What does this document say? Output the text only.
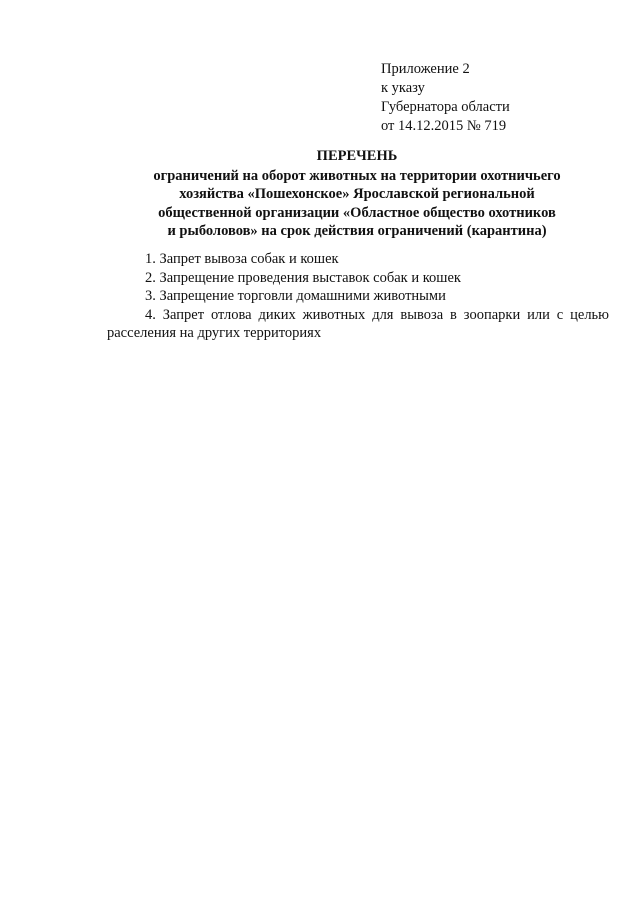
Приложение 2
к указу
Губернатора области
от 14.12.2015 № 719
ПЕРЕЧЕНЬ
ограничений на оборот животных на территории охотничьего
хозяйства «Пошехонское» Ярославской региональной
общественной организации «Областное общество охотников
и рыболовов» на срок действия ограничений (карантина)
1. Запрет вывоза собак и кошек
2. Запрещение проведения выставок собак и кошек
3. Запрещение торговли домашними животными
4. Запрет отлова диких животных для вывоза в зоопарки или с целью расселения на других территориях
